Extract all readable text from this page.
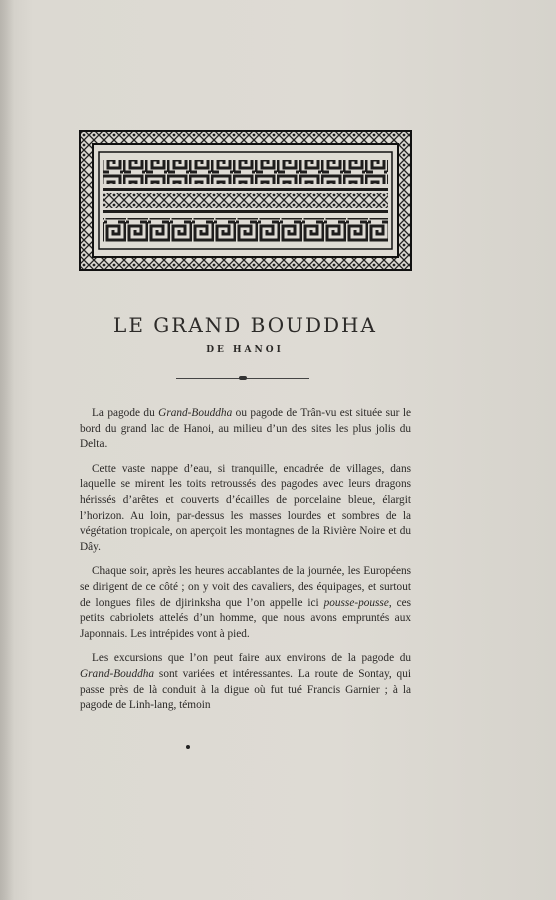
LE GRAND BOUDDHA
DE HANOI

La pagode du Grand-Bouddha ou pagode de Trân-vu est située sur le bord du grand lac de Hanoi, au milieu d’un des sites les plus jolis du Delta.

Cette vaste nappe d’eau, si tranquille, encadrée de villages, dans laquelle se mirent les toits retroussés des pagodes avec leurs dragons hérissés d’arêtes et couverts d’écailles de porcelaine bleue, élargit l’horizon. Au loin, par-dessus les masses lourdes et sombres de la végétation tropicale, on aperçoit les montagnes de la Rivière Noire et du Dây.

Chaque soir, après les heures accablantes de la journée, les Européens se dirigent de ce côté ; on y voit des cavaliers, des équipages, et surtout de longues files de djirinksha que l’on appelle ici pousse-pousse, ces petits cabriolets attelés d’un homme, que nous avons empruntés aux Japonnais. Les intrépides vont à pied.

Les excursions que l’on peut faire aux environs de la pagode du Grand-Bouddha sont variées et intéressantes. La route de Sontay, qui passe près de là conduit à la digue où fut tué Francis Garnier ; à la pagode de Linh-lang, témoin
